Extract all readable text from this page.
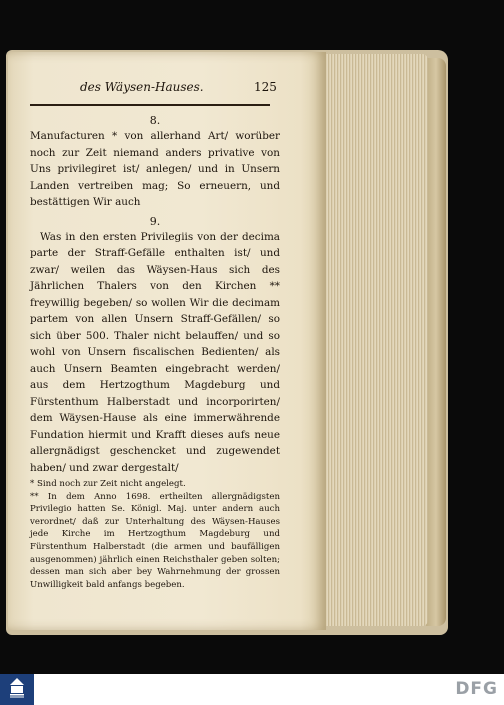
des Wäysen-Hauses.	125
8.

Manufacturen * von allerhand Art/ worüber noch zur Zeit niemand anders privative von Uns privilegiret ist/ anlegen/ und in Unsern Landen vertreiben mag; So erneuern, und bestättigen Wir auch

9.

Was in den ersten Privilegiis von der decima parte der Straff-Gefälle enthalten ist/ und zwar/ weilen das Wäysen-Haus sich des Jährlichen Thalers von den Kirchen ** freywillig begeben/ so wollen Wir die decimam partem von allen Unsern Straff-Gefällen/ so sich über 500. Thaler nicht belauffen/ und so wohl von Unsern fiscalischen Bedienten/ als auch Unsern Beamten eingebracht werden/ aus dem Hertzogthum Magdeburg und Fürstenthum Halberstadt und incorporirten/ dem Wäysen-Hause als eine immerwährende Fundation hiermit und Krafft dieses aufs neue allergnädigst geschencket und zugewendet haben/ und zwar dergestalt/

* Sind noch zur Zeit nicht angelegt.

** In dem Anno 1698. ertheilten allergnädigsten Privilegio hatten Se. Königl. Maj. unter andern auch verordnet/ daß zur Unterhaltung des Wäysen-Hauses jede Kirche im Hertzogthum Magdeburg und Fürstenthum Halberstadt (die armen und baufälligen ausgenommen) jährlich einen Reichsthaler geben solten; dessen man sich aber bey Wahrnehmung der grossen Unwilligkeit bald anfangs begeben.

DFG
